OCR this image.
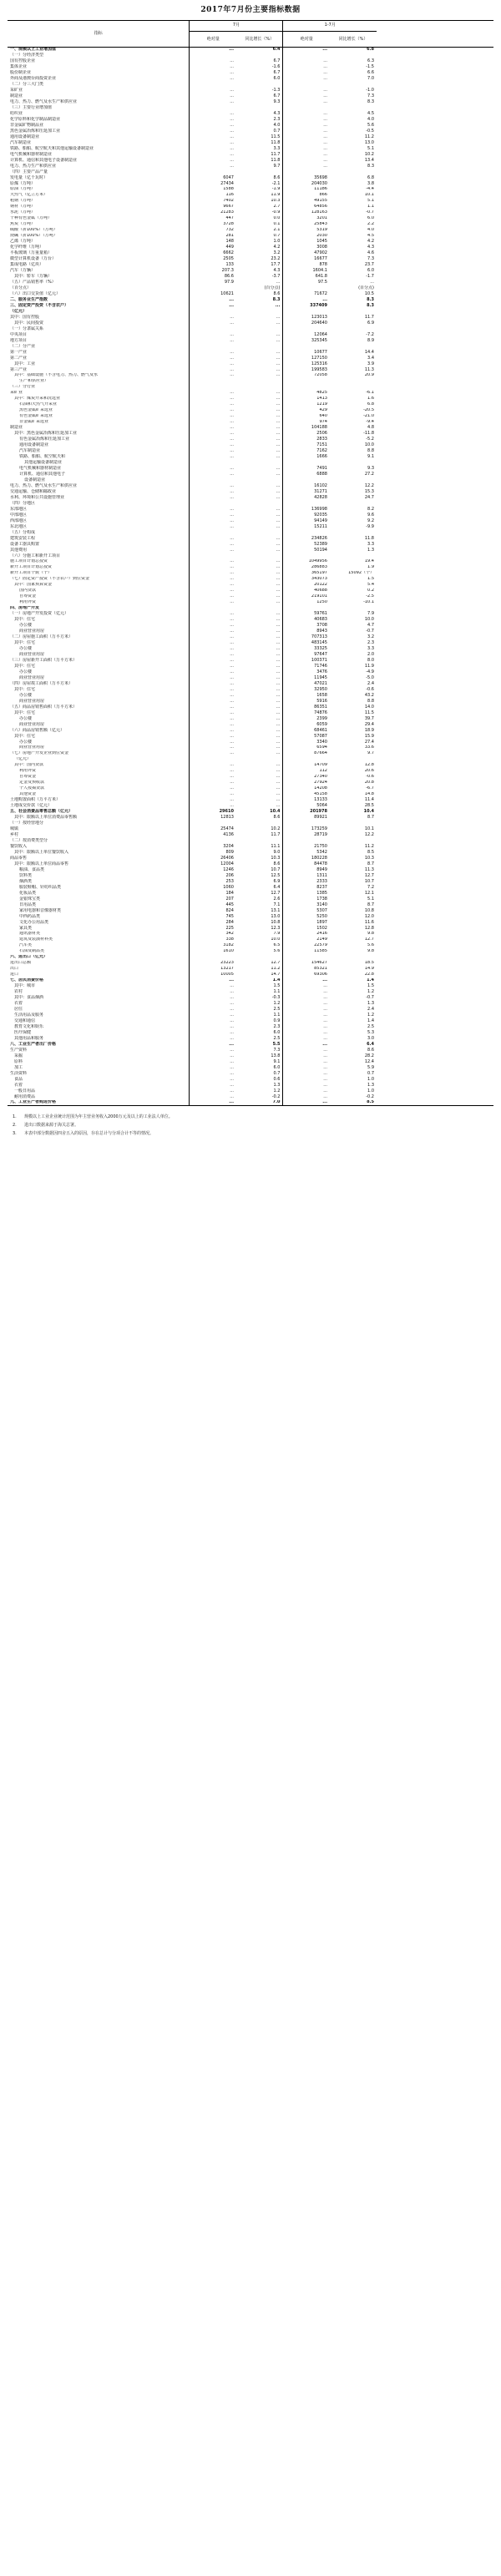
2017年7月份主要指标数据
指标	7月		1-7月		
	绝对量	同比增长（%）	绝对量	同比增长（%）	
一、规模以上工业增加值	...	6.4	...	6.8	
（一）分经济类型					
国有控股企业	...	6.7	...	6.3	
集体企业	...	-1.6	...	-1.5	
股份制企业	...	6.7	...	6.6	
外商及港澳台商投资企业	...	6.0	...	7.0	
（二）分三大门类					
采矿业	...	-1.3	...	-1.0	
制造业	...	6.7	...	7.3	
电力、热力、燃气及水生产和供应业	...	9.3	...	8.3	
（三）主要行业增加值					
纺织业	...	4.3	...	4.5	
化学原料和化学制品制造业	...	2.3	...	4.0	
非金属矿物制品业	...	4.0	...	5.6	
黑色金属冶炼和压延加工业	...	0.7	...	-0.5	
通用设备制造业	...	11.5	...	11.2	
汽车制造业	...	11.8	...	13.0	
铁路、船舶、航空航天和其他运输设备制造业	...	3.3	...	5.1	
电气机械和器材制造业	...	11.7	...	10.2	
计算机、通信和其他电子设备制造业	...	11.8	...	13.4	
电力、热力生产和供应业	...	9.7	...	8.3	
（四）主要产品产量					
发电量（亿千瓦时）	6047	8.6	35698	6.8	
原煤（万吨）	27434	-2.1	204030	3.8	
原油（万吨）	1588	-1.9	11186	-4.4	
天然气（亿立方米）	116	11.9	866	10.1	
粗钢（万吨）	7402	10.3	49155	5.1	
钢材（万吨）	9667	2.7	64856	1.1	
水泥（万吨）	21283	-0.9	128163	-0.7	
十种有色金属（万吨）	447	0.0	3201	6.0	
焦炭（万吨）	3728	0.1	25843	2.2	
硫酸（折100%）（万吨）	732	2.1	5319	4.0	
烧碱（折100%）（万吨）	281	0.7	2030	4.5	
乙烯（万吨）	148	1.0	1045	4.2	
化学纤维（万吨）	449	4.2	3008	4.3	
平板玻璃（万重量箱）	6662	3.2	47902	4.6	
微型计算机设备（万台）	2505	23.2	16677	7.3	
集成电路（亿块）	133	17.7	878	23.7	
汽车（万辆）	207.3	4.3	1604.1	6.0	
其中：轿车（万辆）	86.6	-3.7	641.8	-1.7	
（五）产品销售率（%）	97.9	...	97.5	...	
（百分点）		(百分点)		(百分点)	
（六）出口交货值（亿元）	10621	8.6	71672	10.5	
二、服务业生产指数	...	8.3	...	8.3	
三、固定资产投资（不含农户）	...	...	337409	8.3	
（亿元）					
其中：国有控股	...	...	123013	11.7	
其中：民间投资	...	...	204640	6.9	
（一）分隶属关系					
中央项目	...	...	12064	-7.2	
地方项目	...	...	325345	8.9	
（二）分产业					
第一产业	...	...	10677	14.4	
第二产业	...	...	127150	3.4	
其中：工业	...	...	125316	3.9	
第三产业	...	...	199583	11.3	
其中：基础设施（不含电力、热力、燃气及水	...	...	72058	20.9	
生产和供应业）					
（三）分行业					
采矿业	...	...	4825	-6.1	
其中：煤炭开采和洗选业	...	...	1413	1.6	
石油和天然气开采业	...	...	1219	6.8	
黑色金属矿采选业	...	...	429	-20.5	
有色金属矿采选业	...	...	640	-21.0	
非金属矿采选业	...	...	974	-9.4	
制造业	...	...	104188	4.8	
其中：黑色金属冶炼和压延加工业	...	...	2506	-11.8	
有色金属冶炼和压延加工业	...	...	2833	-5.2	
通用设备制造业	...	...	7151	10.0	
汽车制造业	...	...	7162	8.8	
铁路、船舶、航空航天和	...	...	1666	9.1	
其他运输设备制造业					
电气机械和器材制造业	...	...	7491	9.3	
计算机、通信和其他电子	...	...	6888	27.2	
设备制造业					
电力、热力、燃气及水生产和供应业	...	...	16102	12.2	
交通运输、仓储和邮政业	...	...	31271	15.3	
水利、环境和公共设施管理业	...	...	42828	24.7	
（四）分地区					
东部地区	...	...	136998	8.2	
中部地区	...	...	92035	9.6	
西部地区	...	...	94149	9.2	
东北地区	...	...	15211	-9.9	
（五）分构成					
建筑安装工程	...	...	234826	11.8	
设备工器具购置	...	...	52389	3.3	
其他费用	...	...	50194	1.3	
（六）分施工和新开工项目					
施工项目计划总投资	...	...	1049956	19.4	
新开工项目计划总投资	...	...	286883	1.9	
新开工项目个数（个）	...	...	365197	15092（个）	
（七）固定资产投资（不含农户）到位资金	...	...	343073	1.5	
其中：国家预算资金	...	...	20122	5.4	
国内贷款	...	...	40688	0.2	
自筹资金	...	...	219101	-2.5	
利用外资	...	...	1250	-10.1	
四、房地产开发					
（一）房地产开发投资（亿元）	...	...	59761	7.9	
其中：住宅	...	...	40683	10.0	
办公楼	...	...	3708	4.7	
商业营业用房	...	...	8943	-0.7	
（二）房屋施工面积（万平方米）	...	...	707313	3.2	
其中：住宅	...	...	483145	2.3	
办公楼	...	...	33325	3.3	
商业营业用房	...	...	97647	2.0	
（三）房屋新开工面积（万平方米）	...	...	100371	8.0	
其中：住宅	...	...	71746	11.9	
办公楼	...	...	3476	-4.9	
商业营业用房	...	...	11945	-5.0	
（四）房屋竣工面积（万平方米）	...	...	47021	2.4	
其中：住宅	...	...	32950	-0.6	
办公楼	...	...	1658	43.2	
商业营业用房	...	...	5916	8.8	
（五）商品房销售面积（万平方米）	...	...	86351	14.0	
其中：住宅	...	...	74876	11.5	
办公楼	...	...	2399	39.7	
商业营业用房	...	...	6059	29.4	
（六）商品房销售额（亿元）	...	...	68461	18.9	
其中：住宅	...	...	57087	15.9	
办公楼	...	...	3340	27.4	
商业营业用房	...	...	6594	33.6	
（七）房地产开发企业到位资金	...	...	87664	9.7	
（亿元）					
其中：国内贷款	...	...	14709	12.8	
利用外资	...	...	112	20.6	
自筹资金	...	...	27340	-0.6	
定金及预收款	...	...	27924	20.8	
个人按揭贷款	...	...	14208	-6.7	
其他资金	...	...	45158	14.8	
土地购置面积（万平方米）	...	...	13133	11.4	
土地成交价款（亿元）	...	...	5064	28.5	
五、社会消费品零售总额（亿元）	29610	10.4	201978	10.4	
其中：限额以上单位消费品零售额	12813	8.6	89921	8.7	
（一）按经营地分					
城镇	25474	10.2	173259	10.1	
乡村	4136	11.7	28719	12.2	
（二）按消费类型分					
餐饮收入	3204	11.1	21750	11.2	
其中：限额以上单位餐饮收入	809	9.0	5342	8.5	
商品零售	26406	10.3	180228	10.3	
其中：限额以上单位商品零售	12004	8.6	84478	8.7	
粮油、食品类	1246	10.7	8949	11.3	
饮料类	206	12.5	1311	12.7	
烟酒类	253	6.9	2333	10.7	
服装鞋帽、针纺织品类	1060	6.4	8237	7.2	
化妆品类	184	12.7	1385	12.1	
金银珠宝类	207	2.6	1738	5.1	
日用品类	445	7.1	3140	8.7	
家用电器和音像器材类	824	13.1	5307	10.8	
中西药品类	745	13.0	5250	12.0	
文化办公用品类	284	10.8	1897	11.6	
家具类	225	12.3	1502	12.8	
通讯器材类	342	7.9	2416	9.8	
建筑及装潢材料类	338	10.0	2149	12.7	
汽车类	3182	6.5	22579	5.6	
石油及制品类	1610	5.6	11585	9.8	
六、进出口（亿元）					
进出口总额	23223	12.7	154627	18.5	
出口	13217	11.2	85321	14.9	
进口	10005	14.7	69306	22.8	
七、居民消费价格	...	1.4	...	1.4	
其中：城市	...	1.5	...	1.5	
农村	...	1.1	...	1.2	
其中：食品烟酒	...	-0.3	...	-0.7	
衣着	...	1.2	...	1.3	
居住	...	2.5	...	2.4	
生活用品及服务	...	1.1	...	1.2	
交通和通信	...	0.9	...	1.4	
教育文化和娱乐	...	2.3	...	2.5	
医疗保健	...	6.0	...	5.3	
其他用品和服务	...	2.5	...	3.0	
八、工业生产者出厂价格	...	5.5	...	6.4	
生产资料	...	7.3	...	8.6	
采掘	...	13.8	...	28.2	
原料	...	9.1	...	12.4	
加工	...	6.0	...	5.9	
生活资料	...	0.7	...	0.7	
食品	...	0.6	...	1.0	
衣着	...	1.3	...	1.3	
一般日用品	...	1.2	...	1.0	
耐用消费品	...	-0.2	...	-0.2	
九、工业生产者购进价格	...	7.0	...	8.5	
1. 规模以上工业企业统计范围为年主营业务收入2000万元及以上的工业法人单位。
2. 进出口数据来源于海关总署。
3. 本表中部分数据因四舍五入的原因，存在总计与分项合计不等的情况。
